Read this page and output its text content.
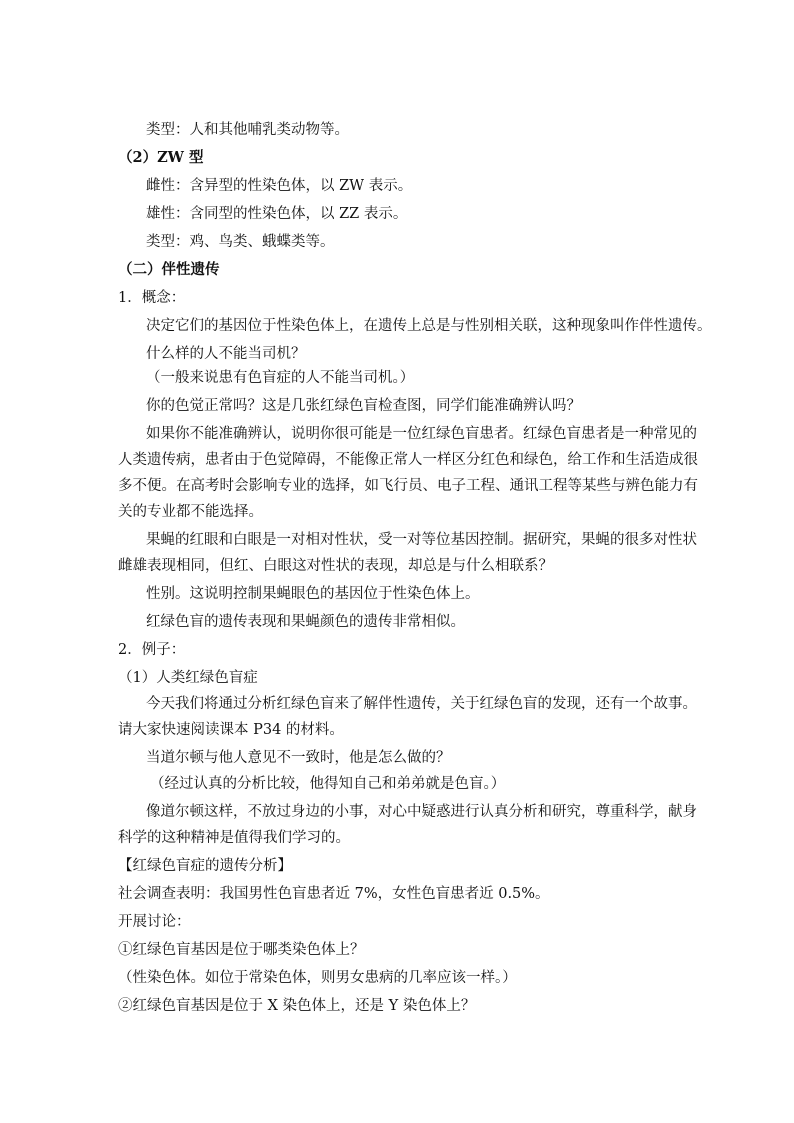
类型：人和其他哺乳类动物等。
（2）ZW 型
雌性：含异型的性染色体，以 ZW 表示。
雄性：含同型的性染色体，以 ZZ 表示。
类型：鸡、鸟类、蛾蝶类等。
（二）伴性遗传
1．概念：
决定它们的基因位于性染色体上，在遗传上总是与性别相关联，这种现象叫作伴性遗传。
什么样的人不能当司机？
（一般来说患有色盲症的人不能当司机。）
你的色觉正常吗？这是几张红绿色盲检查图，同学们能准确辨认吗？
如果你不能准确辨认，说明你很可能是一位红绿色盲患者。红绿色盲患者是一种常见的
人类遗传病，患者由于色觉障碍，不能像正常人一样区分红色和绿色，给工作和生活造成很
多不便。在高考时会影响专业的选择，如飞行员、电子工程、通讯工程等某些与辨色能力有
关的专业都不能选择。
果蝇的红眼和白眼是一对相对性状，受一对等位基因控制。据研究，果蝇的很多对性状
雌雄表现相同，但红、白眼这对性状的表现，却总是与什么相联系？
性别。这说明控制果蝇眼色的基因位于性染色体上。
红绿色盲的遗传表现和果蝇颜色的遗传非常相似。
2．例子：
（1）人类红绿色盲症
今天我们将通过分析红绿色盲来了解伴性遗传，关于红绿色盲的发现，还有一个故事。
请大家快速阅读课本 P34 的材料。
当道尔顿与他人意见不一致时，他是怎么做的？
（经过认真的分析比较，他得知自己和弟弟就是色盲。）
像道尔顿这样，不放过身边的小事，对心中疑惑进行认真分析和研究，尊重科学，献身
科学的这种精神是值得我们学习的。
【红绿色盲症的遗传分析】
社会调查表明：我国男性色盲患者近 7%，女性色盲患者近 0.5%。
开展讨论：
①红绿色盲基因是位于哪类染色体上？
（性染色体。如位于常染色体，则男女患病的几率应该一样。）
②红绿色盲基因是位于 X 染色体上，还是 Y 染色体上？
